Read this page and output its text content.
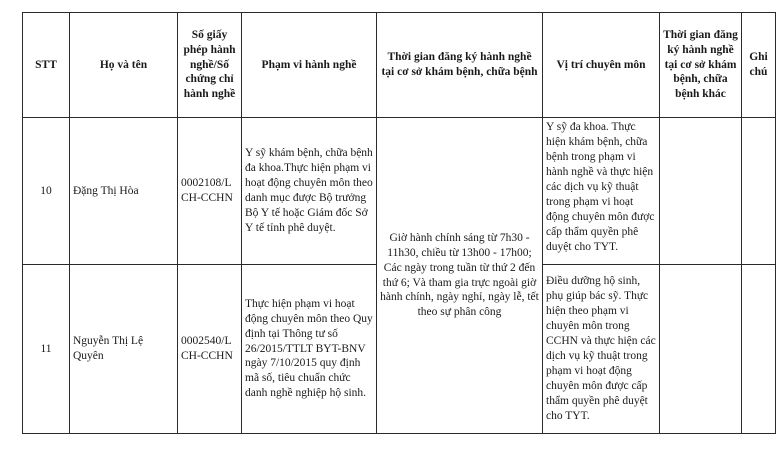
STT	Họ và tên	Số giấy phép hành nghề/Số chứng chỉ hành nghề	Phạm vi hành nghề	Thời gian đăng ký hành nghề tại cơ sở khám bệnh, chữa bệnh	Vị trí chuyên môn	Thời gian đăng ký hành nghề tại cơ sở khám bệnh, chữa bệnh khác	Ghi chú
10	Đặng Thị Hòa	0002108/L CH-CCHN	Y sỹ khám bệnh, chữa bệnh đa khoa.Thực hiện phạm vi hoạt động chuyên môn theo danh mục được Bộ trưởng Bộ Y tế hoặc Giám đốc Sở Y tế tỉnh phê duyệt.	Giờ hành chính sáng từ 7h30 - 11h30, chiều từ 13h00 - 17h00; Các ngày trong tuần từ thứ 2 đến thứ 6; Và tham gia trực ngoài giờ hành chính, ngày nghỉ, ngày lễ, tết theo sự phân công	Y sỹ đa khoa. Thực hiện khám bệnh, chữa bệnh trong phạm vi hành nghề và thực hiện các dịch vụ kỹ thuật trong phạm vi hoạt động chuyên môn được cấp thẩm quyền phê duyệt cho TYT.		
11	Nguyễn Thị Lệ Quyên	0002540/L CH-CCHN	Thực hiện phạm vi hoạt động chuyên môn theo Quy định tại Thông tư số 26/2015/TTLT BYT-BNV ngày 7/10/2015 quy định mã số, tiêu chuẩn chức danh nghề nghiệp hộ sinh.		Điều dưỡng hộ sinh, phụ giúp bác sỹ. Thực hiện theo phạm vi chuyên môn trong CCHN và thực hiện các dịch vụ kỹ thuật trong phạm vi hoạt động chuyên môn được cấp thẩm quyền phê duyệt cho TYT.		
